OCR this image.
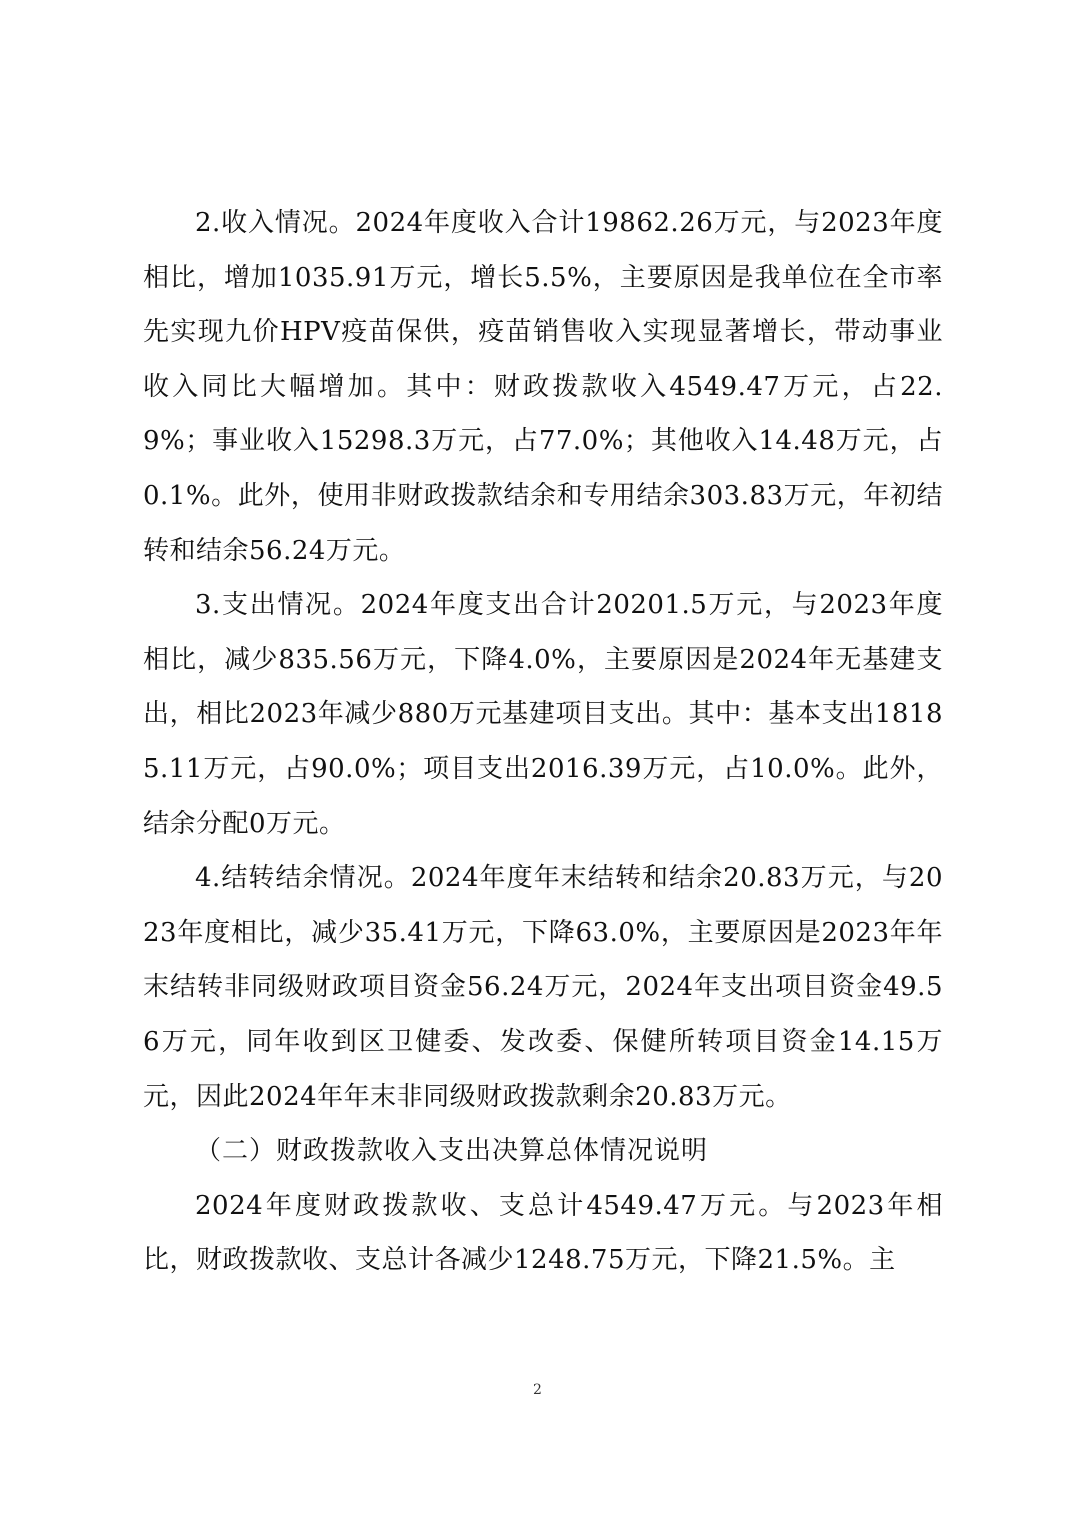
2.收入情况。2024年度收入合计19862.26万元，与2023年度相比，增加1035.91万元，增长5.5%，主要原因是我单位在全市率先实现九价HPV疫苗保供，疫苗销售收入实现显著增长，带动事业收入同比大幅增加。其中：财政拨款收入4549.47万元，占22.9%；事业收入15298.3万元，占77.0%；其他收入14.48万元，占0.1%。此外，使用非财政拨款结余和专用结余303.83万元，年初结转和结余56.24万元。

3.支出情况。2024年度支出合计20201.5万元，与2023年度相比，减少835.56万元，下降4.0%，主要原因是2024年无基建支出，相比2023年减少880万元基建项目支出。其中：基本支出18185.11万元，占90.0%；项目支出2016.39万元，占10.0%。此外，结余分配0万元。

4.结转结余情况。2024年度年末结转和结余20.83万元，与2023年度相比，减少35.41万元，下降63.0%，主要原因是2023年年末结转非同级财政项目资金56.24万元，2024年支出项目资金49.56万元，同年收到区卫健委、发改委、保健所转项目资金14.15万元，因此2024年年末非同级财政拨款剩余20.83万元。

（二）财政拨款收入支出决算总体情况说明

2024年度财政拨款收、支总计4549.47万元。与2023年相比，财政拨款收、支总计各减少1248.75万元，下降21.5%。主

2
